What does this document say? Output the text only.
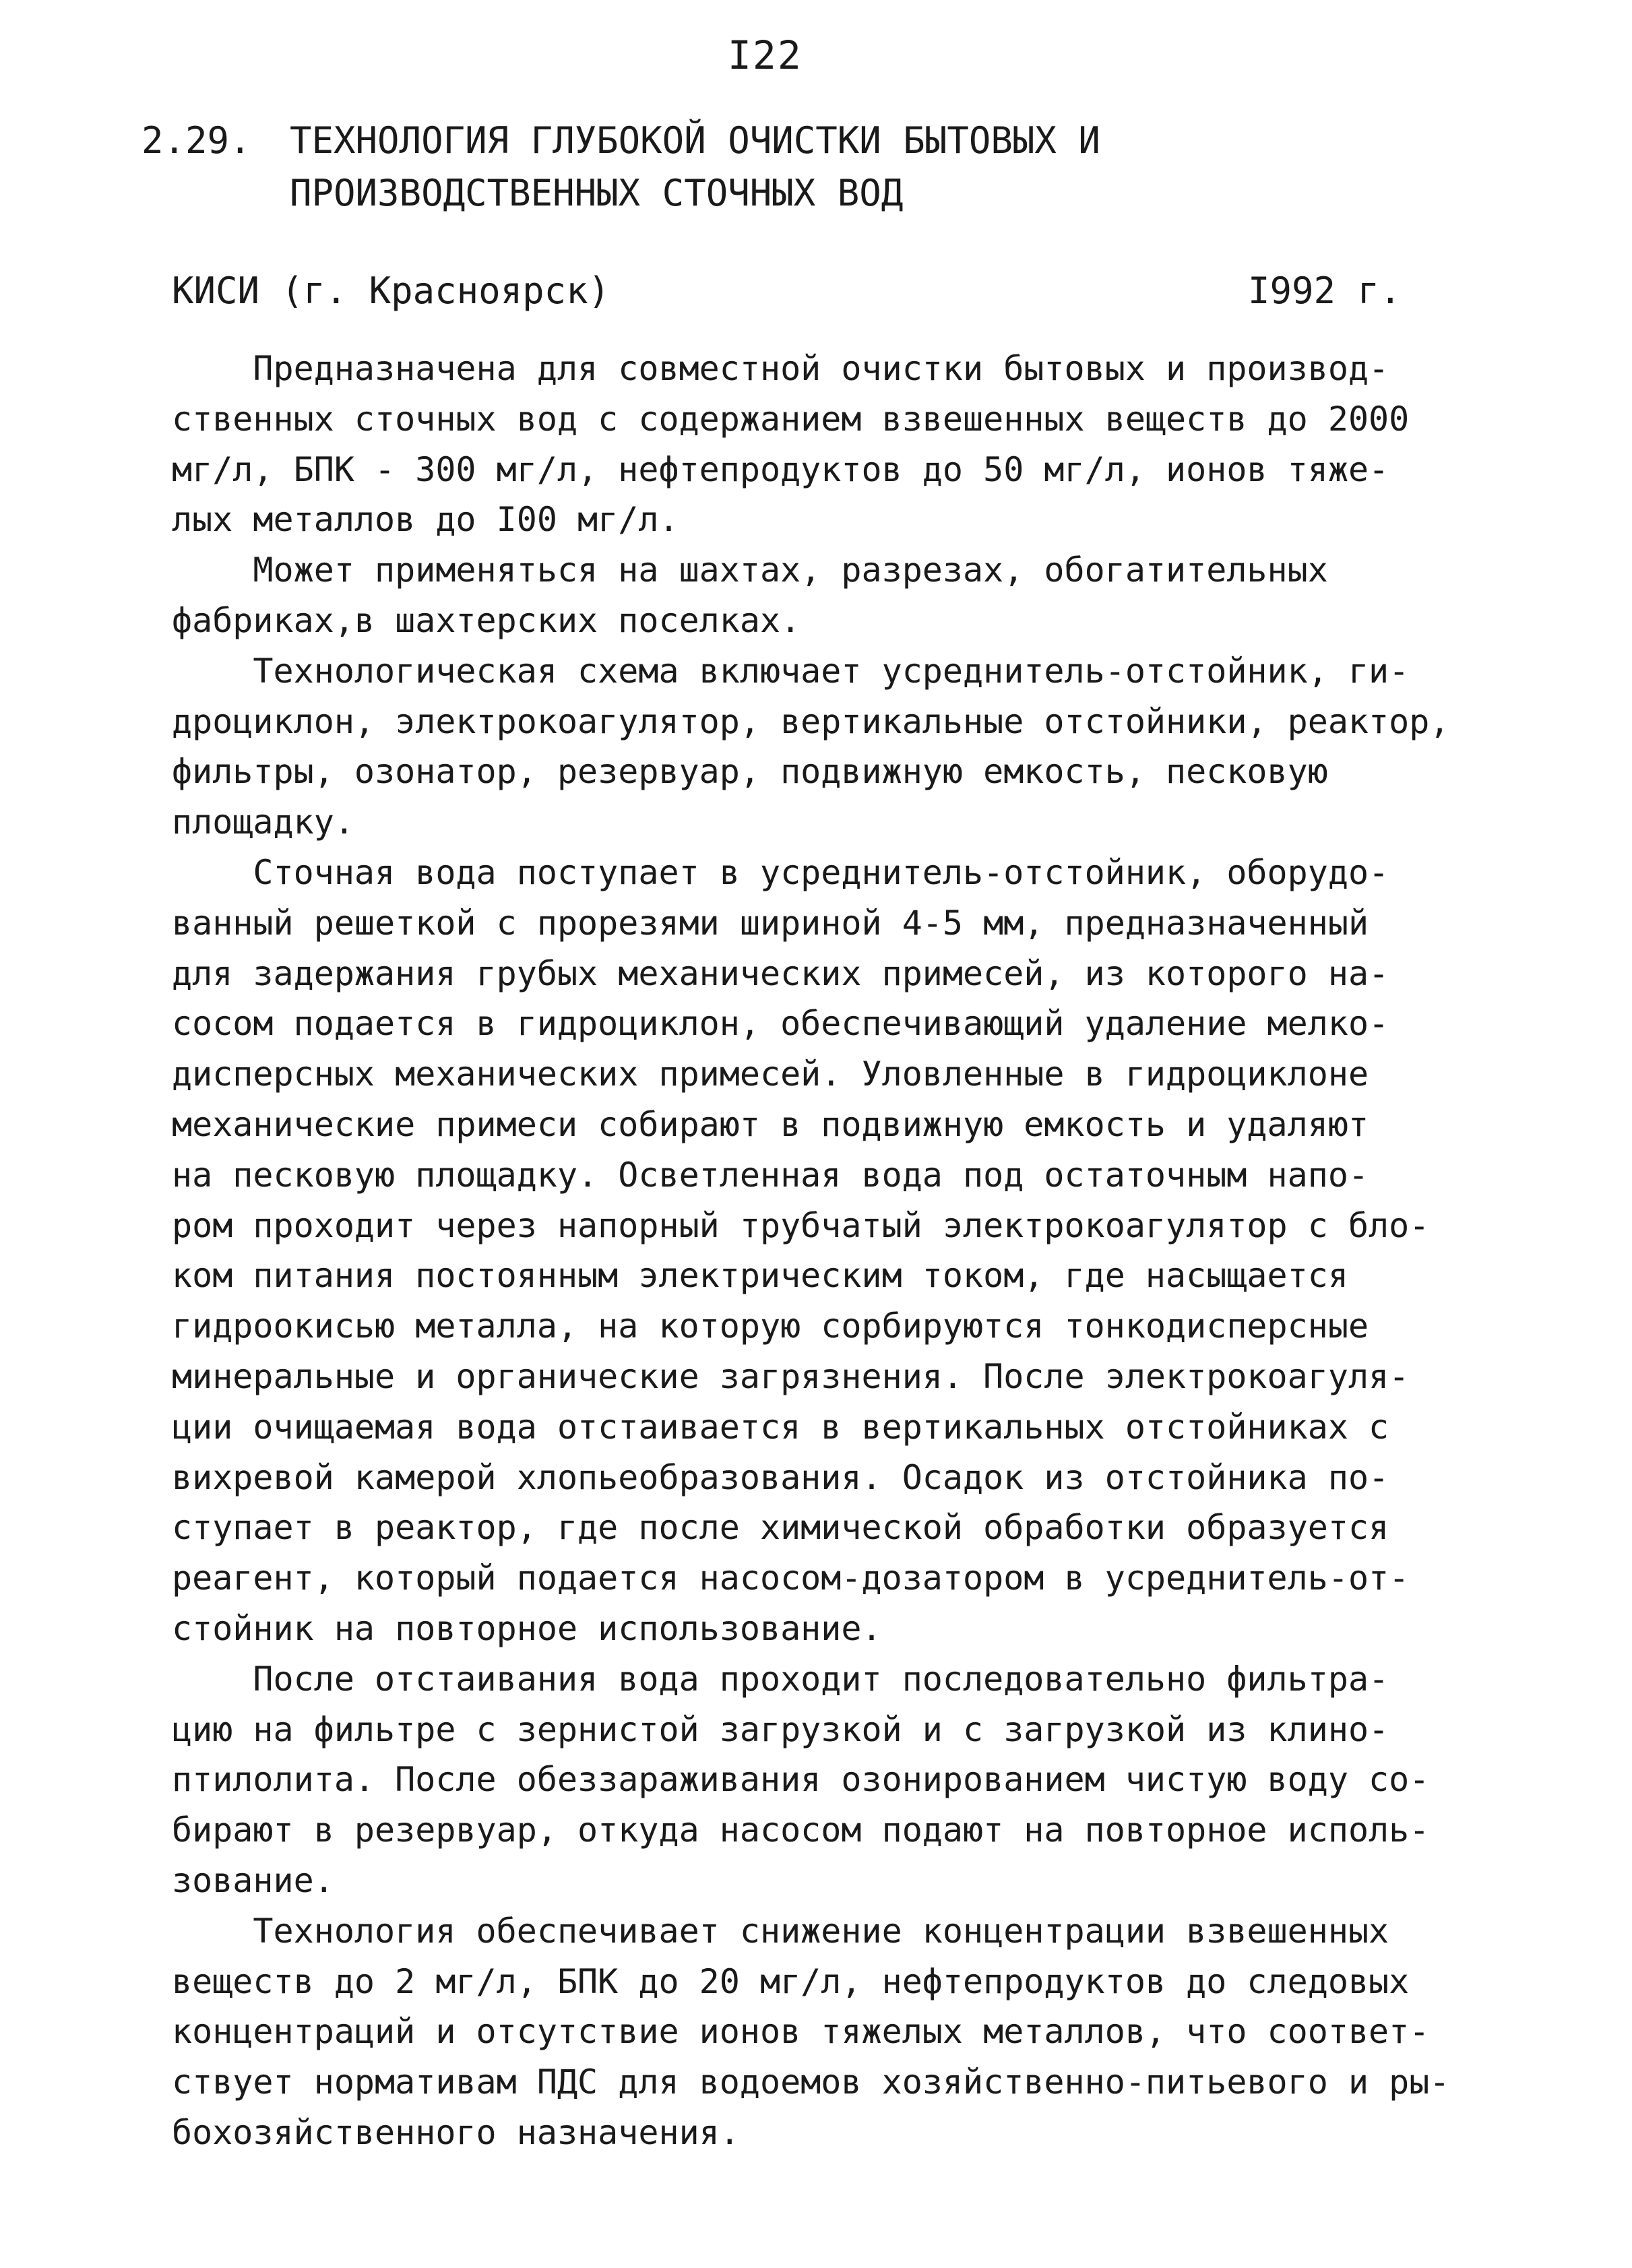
I22
2.29. ТЕХНОЛОГИЯ ГЛУБОКОЙ ОЧИСТКИ БЫТОВЫХ И
ПРОИЗВОДСТВЕННЫХ СТОЧНЫХ ВОД
КИСИ (г. Красноярск)	I992 г.
Предназначена для совместной очистки бытовых и производ-
ственных сточных вод с содержанием взвешенных веществ до 2000
мг/л, БПК - 300 мг/л, нефтепродуктов до 50 мг/л, ионов тяже-
лых металлов до I00 мг/л.
Может применяться на шахтах, разрезах, обогатительных
фабриках,в шахтерских поселках.
Технологическая схема включает усреднитель-отстойник, ги-
дроциклон, электрокоагулятор, вертикальные отстойники, реактор,
фильтры, озонатор, резервуар, подвижную емкость, песковую
площадку.
Сточная вода поступает в усреднитель-отстойник, оборудо-
ванный решеткой с прорезями шириной 4-5 мм, предназначенный
для задержания грубых механических примесей, из которого на-
сосом подается в гидроциклон, обеспечивающий удаление мелко-
дисперсных механических примесей. Уловленные в гидроциклоне
механические примеси собирают в подвижную емкость и удаляют
на песковую площадку. Осветленная вода под остаточным напо-
ром проходит через напорный трубчатый электрокоагулятор с бло-
ком питания постоянным электрическим током, где насыщается
гидроокисью металла, на которую сорбируются тонкодисперсные
минеральные и органические загрязнения. После электрокоагуля-
ции очищаемая вода отстаивается в вертикальных отстойниках с
вихревой камерой хлопьеобразования. Осадок из отстойника по-
ступает в реактор, где после химической обработки образуется
реагент, который подается насосом-дозатором в усреднитель-от-
стойник на повторное использование.
После отстаивания вода проходит последовательно фильтра-
цию на фильтре с зернистой загрузкой и с загрузкой из клино-
птилолита. После обеззараживания озонированием чистую воду со-
бирают в резервуар, откуда насосом подают на повторное исполь-
зование.
Технология обеспечивает снижение концентрации взвешенных
веществ до 2 мг/л, БПК до 20 мг/л, нефтепродуктов до следовых
концентраций и отсутствие ионов тяжелых металлов, что соответ-
ствует нормативам ПДС для водоемов хозяйственно-питьевого и ры-
бохозяйственного назначения.
